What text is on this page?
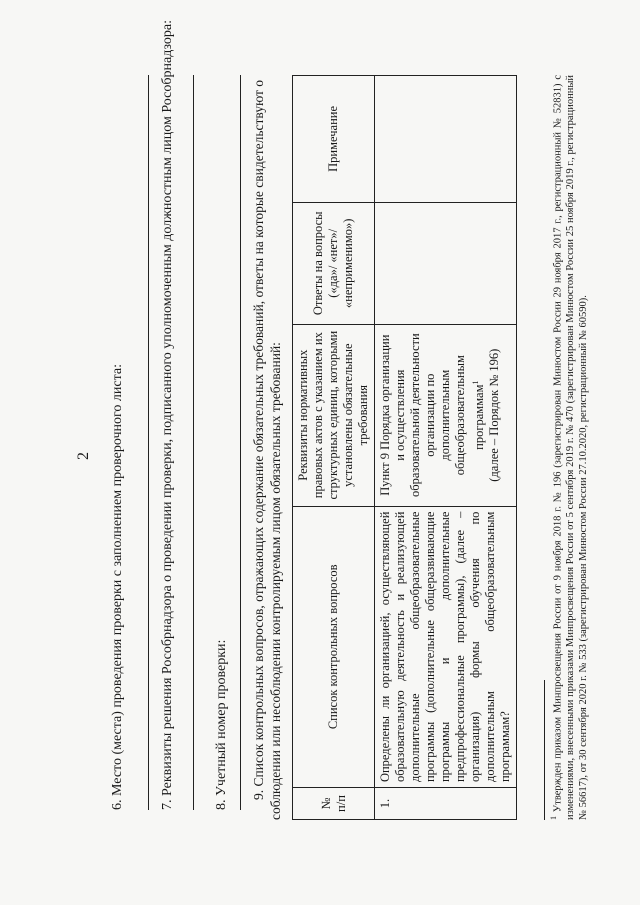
2 6. Место (места) проведения проверки с заполнением проверочного листа:	7. Реквизиты решения Рособрнадзора о проведении проверки, подписанного уполномоченным должностным лицом Рособрнадзора:	8. Учетный номер проверки: 9. Список контрольных вопросов, отражающих содержание обязательных требований, ответы на которые свидетельствуют о соблюдении или несоблюдении контролируемым лицом обязательных требований:	№ п/п	Список контрольных вопросов	Реквизиты нормативных правовых актов с указанием их структурных единиц, которыми установлены обязательные требования	Ответы на вопросы («да»/ «нет»/ «неприменимо»)	Примечание
1.	Определены ли организацией, осуществляющей образовательную деятельность и реализующей дополнительные общеобразовательные программы (дополнительные общеразвивающие программы и дополнительные предпрофессиональные программы), (далее – организация) формы обучения по дополнительным общеобразовательным программам?	Пункт 9 Порядка организации и осуществления образовательной деятельности организации по дополнительным общеобразовательным программам$^1$ (далее – Порядок № 196)		
$^1$ Утвержден приказом Минпросвещения России от 9 ноября 2018 г. № 196 (зарегистрирован Минюстом России 29 ноября 2017 г., регистрационный № 52831) с изменениями, внесенными приказами Минпросвещения России от 5 сентября 2019 г. № 470 (зарегистрирован Минюстом России 25 ноября 2019 г., регистрационный № 56617), от 30 сентября 2020 г. № 533 (зарегистрирован Минюстом России 27.10.2020, регистрационный № 60590).
